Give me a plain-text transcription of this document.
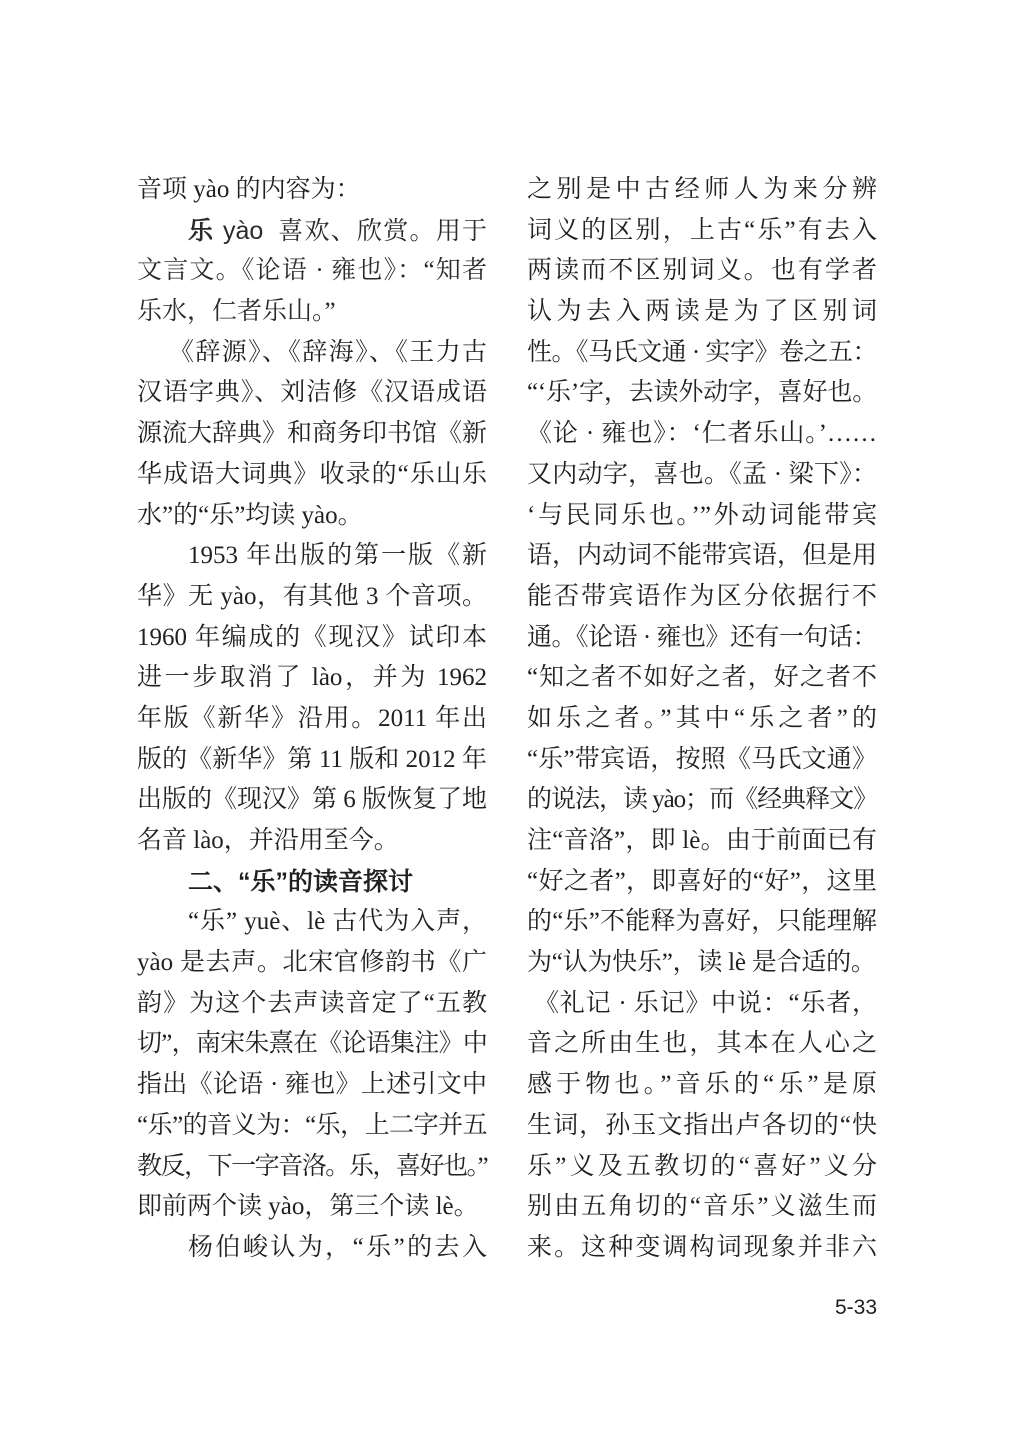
音项 yào 的内容为：
乐 yào 喜欢、欣赏。用于
文言文。《论语 · 雍也》：“知者
乐水，仁者乐山。”
《辞源》、《辞海》、《王力古
汉语字典》、刘洁修《汉语成语
源流大辞典》和商务印书馆《新
华成语大词典》收录的“乐山乐
水”的“乐”均读 yào。
1953 年出版的第一版《新
华》无 yào，有其他 3 个音项。
1960 年编成的《现汉》试印本
进一步取消了 lào，并为 1962
年版《新华》沿用。2011 年出
版的《新华》第 11 版和 2012 年
出版的《现汉》第 6 版恢复了地
名音 lào，并沿用至今。
二、“乐”的读音探讨
“乐” yuè、lè 古代为入声，
yào 是去声。北宋官修韵书《广
韵》为这个去声读音定了“五教
切”，南宋朱熹在《论语集注》中
指出《论语 · 雍也》上述引文中
“乐”的音义为：“乐，上二字并五
教反，下一字音洛。乐，喜好也。”
即前两个读 yào，第三个读 lè。
杨伯峻认为，“乐”的去入
之别是中古经师人为来分辨
词义的区别，上古“乐”有去入
两读而不区别词义。也有学者
认为去入两读是为了区别词
性。《马氏文通 · 实字》卷之五：
“‘乐’字，去读外动字，喜好也。
《论 · 雍也》：‘仁者乐山。’……
又内动字，喜也。《孟 · 梁下》：
‘与民同乐也。’”外动词能带宾
语，内动词不能带宾语，但是用
能否带宾语作为区分依据行不
通。《论语 · 雍也》还有一句话：
“知之者不如好之者，好之者不
如乐之者。”其中“乐之者”的
“乐”带宾语，按照《马氏文通》
的说法，读 yào；而《经典释文》
注“音洛”，即 lè。由于前面已有
“好之者”，即喜好的“好”，这里
的“乐”不能释为喜好，只能理解
为“认为快乐”，读 lè 是合适的。
《礼记 · 乐记》中说：“乐者，
音之所由生也，其本在人心之
感于物也。”音乐的“乐”是原
生词，孙玉文指出卢各切的“快
乐”义及五教切的“喜好”义分
别由五角切的“音乐”义滋生而
来。这种变调构词现象并非六
5-33
